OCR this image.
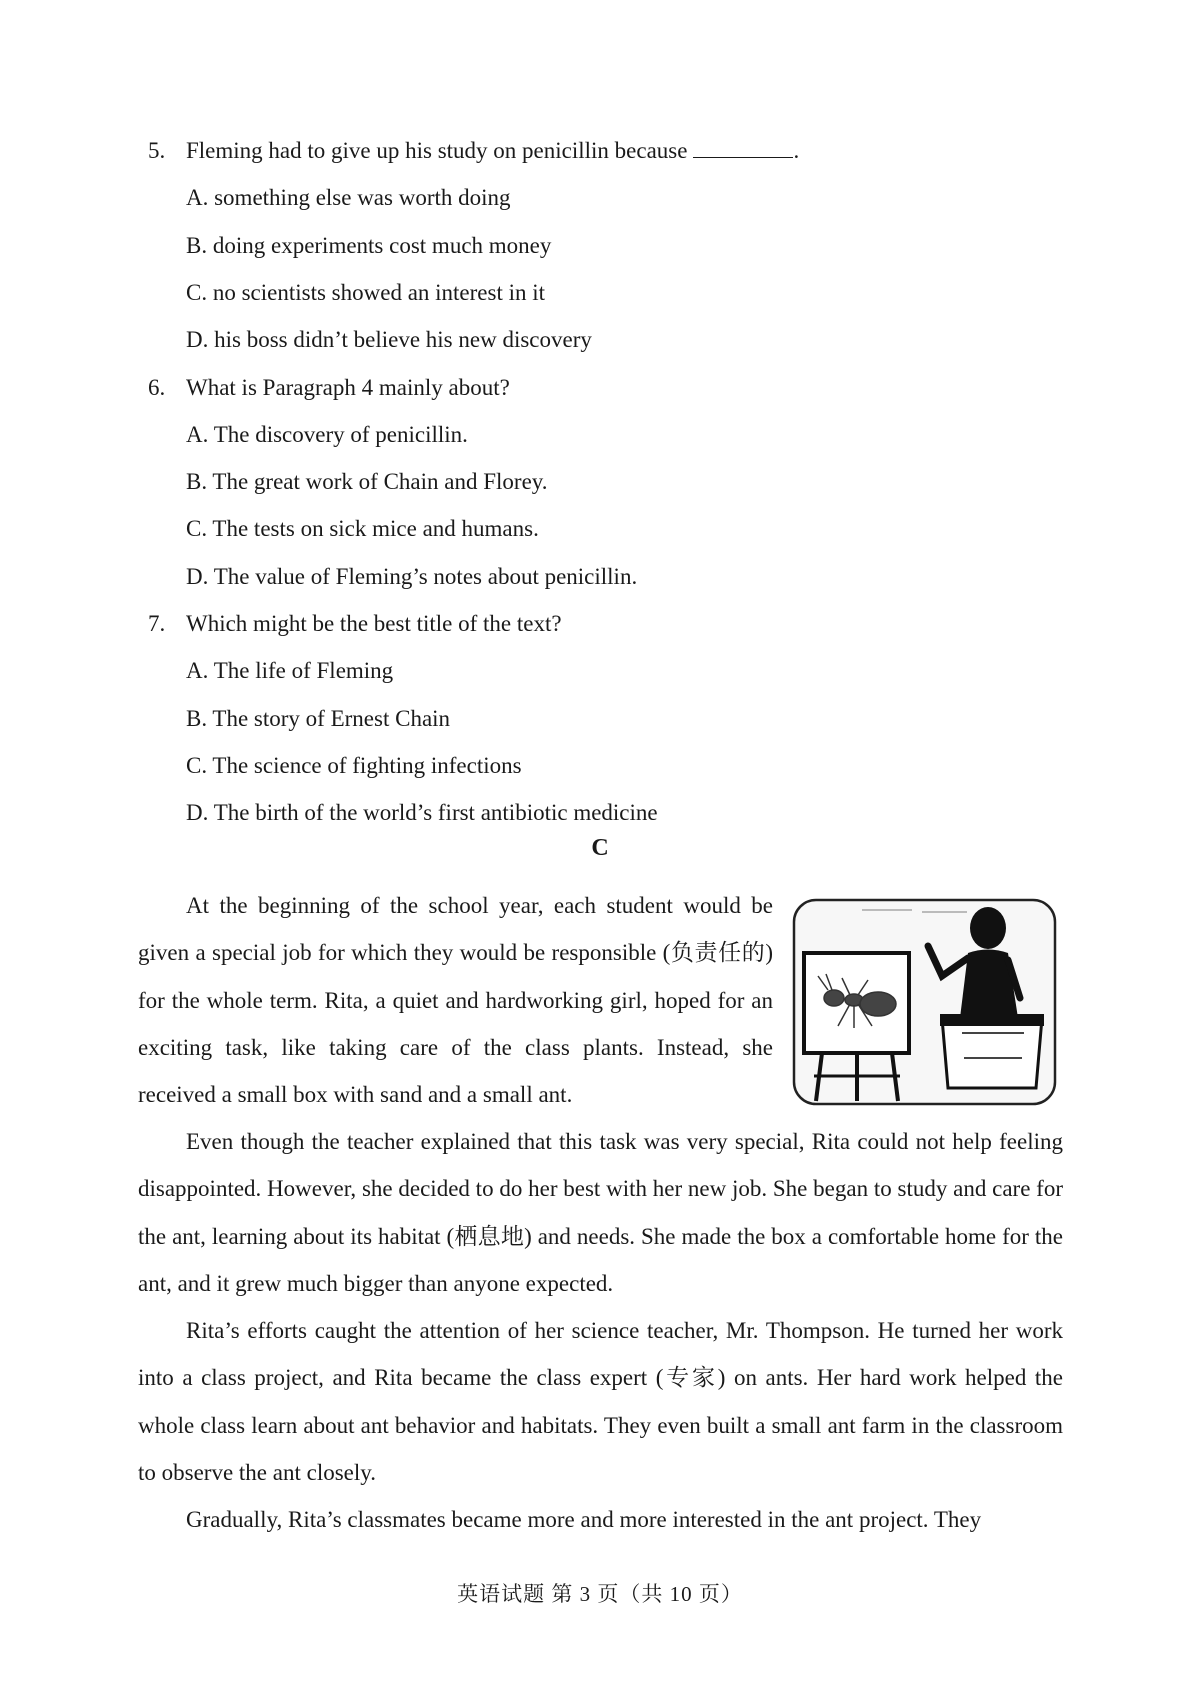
5. Fleming had to give up his study on penicillin because	.
A. something else was worth doing
B. doing experiments cost much money
C. no scientists showed an interest in it
D. his boss didn’t believe his new discovery
6. What is Paragraph 4 mainly about?
A. The discovery of penicillin.
B. The great work of Chain and Florey.
C. The tests on sick mice and humans.
D. The value of Fleming’s notes about penicillin.
7. Which might be the best title of the text?
A. The life of Fleming
B. The story of Ernest Chain
C. The science of fighting infections
D. The birth of the world’s first antibiotic medicine
C

At the beginning of the school year, each student would be given a special job for which they would be responsible (负责任的) for the whole term. Rita, a quiet and hardworking girl, hoped for an exciting task, like taking care of the class plants. Instead, she received a small box with sand and a small ant.

Even though the teacher explained that this task was very special, Rita could not help feeling disappointed. However, she decided to do her best with her new job. She began to study and care for the ant, learning about its habitat (栖息地) and needs. She made the box a comfortable home for the ant, and it grew much bigger than anyone expected.

Rita’s efforts caught the attention of her science teacher, Mr. Thompson. He turned her work into a class project, and Rita became the class expert (专家) on ants. Her hard work helped the whole class learn about ant behavior and habitats. They even built a small ant farm in the classroom to observe the ant closely.

Gradually, Rita’s classmates became more and more interested in the ant project. They

英语试题 第 3 页（共 10 页）
